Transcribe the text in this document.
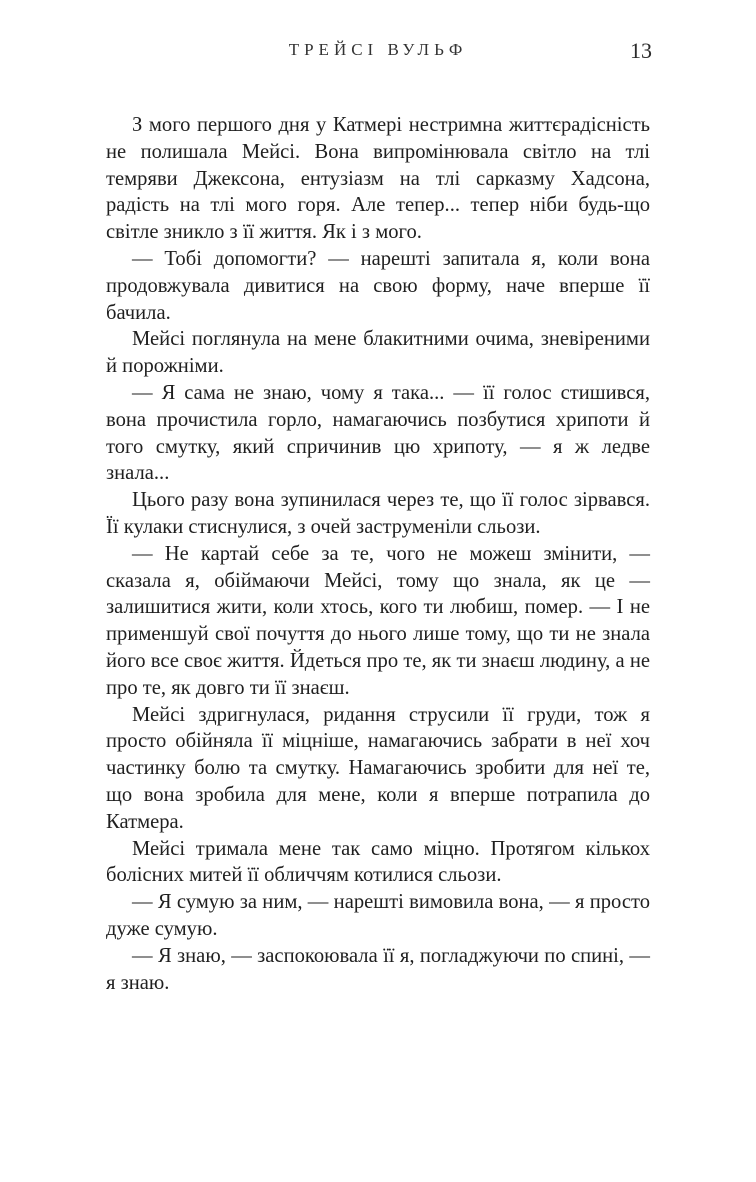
ТРЕЙСІ ВУЛЬФ	13

З мого першого дня у Катмері нестримна життєрадісність не полишала Мейсі. Вона випромінювала світло на тлі темряви Джексона, ентузіазм на тлі сарказму Хадсона, радість на тлі мого горя. Але тепер... тепер ніби будь-що світле зникло з її життя. Як і з мого.

— Тобі допомогти? — нарешті запитала я, коли вона продовжувала дивитися на свою форму, наче вперше її бачила.

Мейсі поглянула на мене блакитними очима, зневіреними й порожніми.

— Я сама не знаю, чому я така... — її голос стишився, вона прочистила горло, намагаючись позбутися хрипоти й того смутку, який спричинив цю хрипоту, — я ж ледве знала...

Цього разу вона зупинилася через те, що її голос зірвався. Її кулаки стиснулися, з очей заструменіли сльози.

— Не картай себе за те, чого не можеш змінити, — сказала я, обіймаючи Мейсі, тому що знала, як це — залишитися жити, коли хтось, кого ти любиш, помер. — І не применшуй свої почуття до нього лише тому, що ти не знала його все своє життя. Йдеться про те, як ти знаєш людину, а не про те, як довго ти її знаєш.

Мейсі здригнулася, ридання струсили її груди, тож я просто обійняла її міцніше, намагаючись забрати в неї хоч частинку болю та смутку. Намагаючись зробити для неї те, що вона зробила для мене, коли я вперше потрапила до Катмера.

Мейсі тримала мене так само міцно. Протягом кількох болісних митей її обличчям котилися сльози.

— Я сумую за ним, — нарешті вимовила вона, — я просто дуже сумую.

— Я знаю, — заспокоювала її я, погладжуючи по спині, — я знаю.
